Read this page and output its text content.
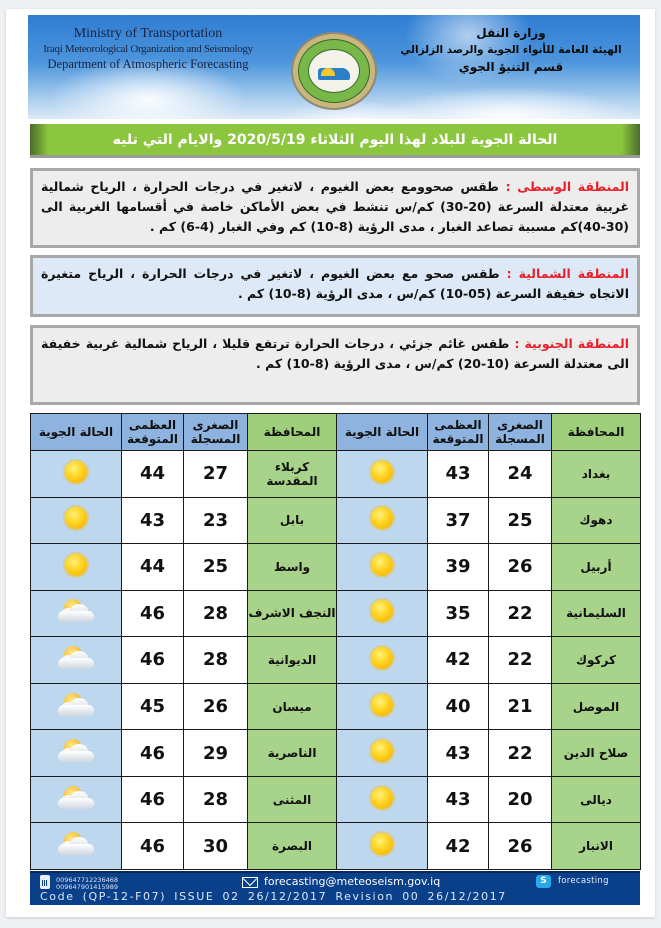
Ministry of Transportation
Iraqi Meteorological Organization and Seismology
Department of Atmospheric Forecasting
وزارة النقل
الهيئة العامة للأنواء الجوية والرصد الزلزالي
قسم التنبؤ الجوي
الحالة الجوية للبلاد لهذا اليوم الثلاثاء 2020/5/19 والايام التي تليه
المنطقة الوسطى : طقس صحوومع بعض الغيوم ، لاتغير في درجات الحرارة ، الرياح شمالية غربية معتدلة السرعة (20-30) كم/س تنشط في بعض الأماكن خاصة في أقسامها الغربية الى (30-40)كم مسببة تصاعد الغبار ، مدى الرؤية (8-10) كم وفي الغبار (4-6) كم .
المنطقة الشمالية : طقس صحو مع بعض الغيوم ، لاتغير في درجات الحرارة ، الرياح متغيرة الاتجاه خفيفة السرعة (05-10) كم/س ، مدى الرؤية (8-10) كم .
المنطقة الجنوبية : طقس غائم جزئي ، درجات الحرارة ترتفع قليلا ، الرياح شمالية غربية خفيفة الى معتدلة السرعة (10-20) كم/س ، مدى الرؤية (8-10) كم .
المحافظة	الصغرى المسجلة	العظمى المتوقعة	الحالة الجوية	المحافظة	الصغرى المسجلة	العظمى المتوقعة	الحالة الجوية
بغداد	24	43		كربلاء المقدسة	27	44	
دهوك	25	37		بابل	23	43	
أربيل	26	39		واسط	25	44	
السليمانية	22	35		النجف الاشرف	28	46	

كركوك	22	42		الديوانية	28	46	

الموصل	21	40		ميسان	26	45	

صلاح الدين	22	43		الناصرية	29	46	

ديالى	20	43		المثنى	28	46	

الانبار	26	42		البصرة	30	46	
009647712236468
009647901415989	forecasting@meteoseism.gov.iq	S	forecasting
Code (QP-12-F07) ISSUE 02 26/12/2017 Revision 00 26/12/2017
